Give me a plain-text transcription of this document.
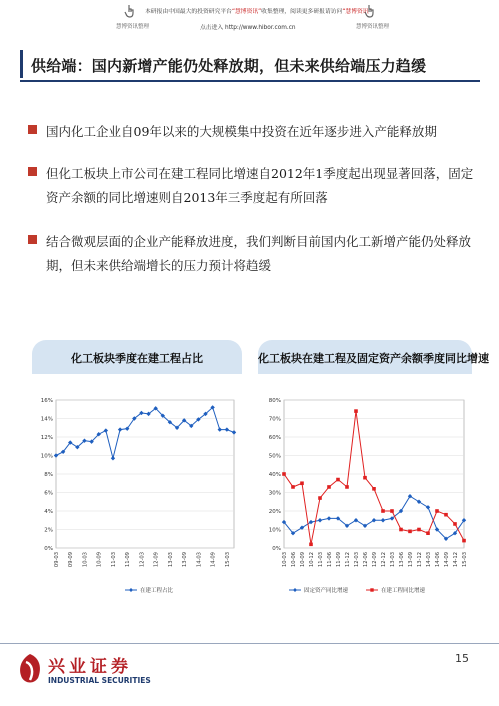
慧博资讯整理
本研报由中国最大的投资研究平台“慧博资讯”收集整理，阅读更多研报请访问“慧博资讯”
点击进入 http://www.hibor.com.cn	慧博资讯整理
供给端：国内新增产能仍处释放期，但未来供给端压力趋缓
国内化工企业自09年以来的大规模集中投资在近年逐步进入产能释放期
但化工板块上市公司在建工程同比增速自2012年1季度起出现显著回落，固定资产余额的同比增速则自2013年三季度起有所回落
结合微观层面的企业产能释放进度，我们判断目前国内化工新增产能仍处释放期，但未来供给端增长的压力预计将趋缓
化工板块季度在建工程占比
0%
2%
4%
6%
8%
10%
12%
14%
16%
09-03 09-09 10-03 10-09 11-03 11-09 12-03 12-09 13-03 13-09 14-03 14-09 15-03
在建工程占比
化工板块在建工程及固定资产余额季度同比增速
0%
10%
20%
30%
40%
50%
60%
70%
80%
10-03 10-06 10-09 10-12 11-03 11-06 11-09 11-12 12-03 12-06 12-09 12-12 13-03 13-06 13-09 13-12 14-03 14-06 14-09 14-12 15-03
固定资产同比增速	在建工程同比增速
兴业证券
INDUSTRIAL SECURITIES
15
